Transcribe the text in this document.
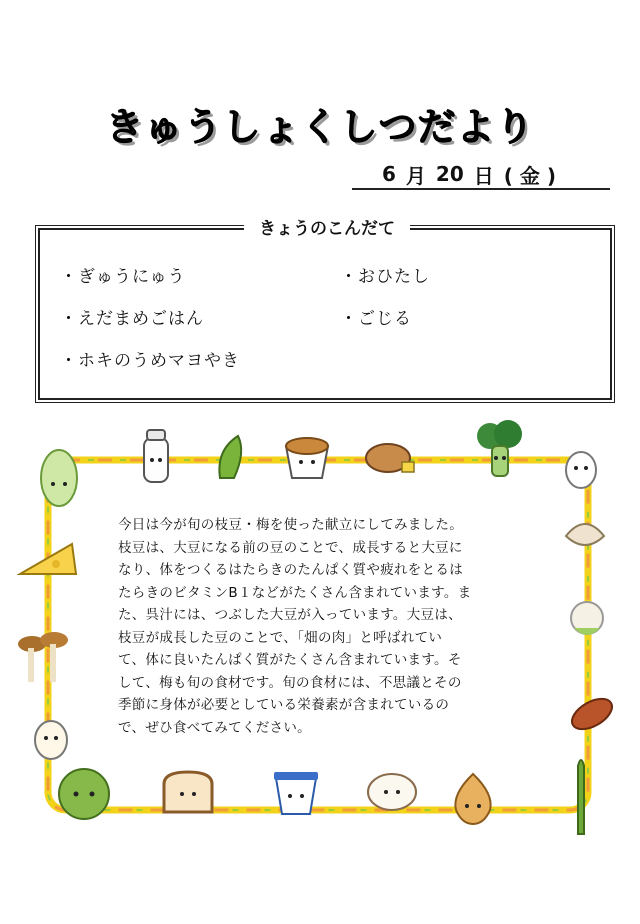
きゅうしょくしつだより
6 月 20 日 ( 金 )
きょうのこんだて
・ぎゅうにゅう
・えだまめごはん
・ホキのうめマヨやき
・おひたし
・ごじる
今日は今が旬の枝豆・梅を使った献立にしてみました。
枝豆は、大豆になる前の豆のことで、成長すると大豆に
なり、体をつくるはたらきのたんぱく質や疲れをとるは
たらきのビタミンB１などがたくさん含まれています。ま
た、呉汁には、つぶした大豆が入っています。大豆は、
枝豆が成長した豆のことで、「畑の肉」と呼ばれてい
て、体に良いたんぱく質がたくさん含まれています。そ
して、梅も旬の食材です。旬の食材には、不思議とその
季節に身体が必要としている栄養素が含まれているの
で、ぜひ食べてみてください。
